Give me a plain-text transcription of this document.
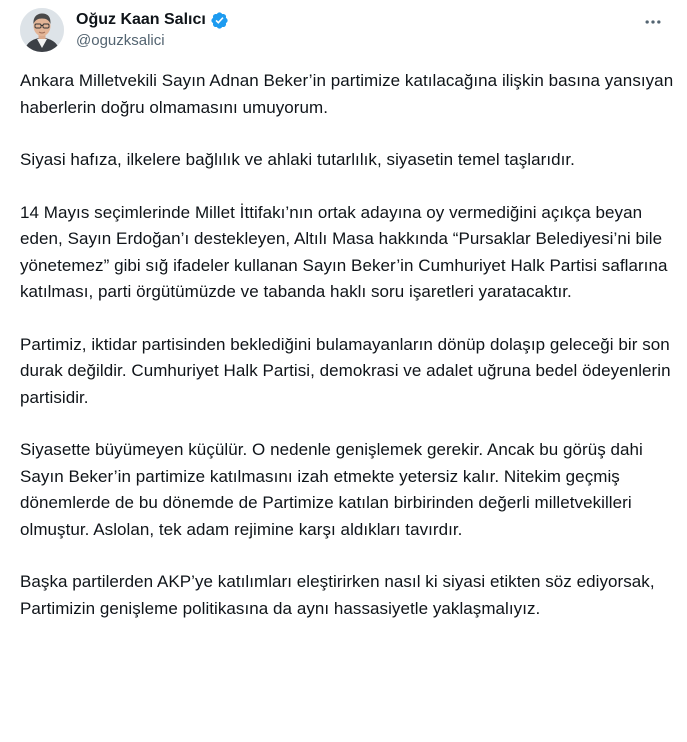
Oğuz Kaan Salıcı
@oguzksalici

Ankara Milletvekili Sayın Adnan Beker’in partimize katılacağına ilişkin basına yansıyan haberlerin doğru olmamasını umuyorum.

Siyasi hafıza, ilkelere bağlılık ve ahlaki tutarlılık, siyasetin temel taşlarıdır.

14 Mayıs seçimlerinde Millet İttifakı’nın ortak adayına oy vermediğini açıkça beyan eden, Sayın Erdoğan’ı destekleyen, Altılı Masa hakkında “Pursaklar Belediyesi’ni bile yönetemez” gibi sığ ifadeler kullanan Sayın Beker’in Cumhuriyet Halk Partisi saflarına katılması, parti örgütümüzde ve tabanda haklı soru işaretleri yaratacaktır.

Partimiz, iktidar partisinden beklediğini bulamayanların dönüp dolaşıp geleceği bir son durak değildir. Cumhuriyet Halk Partisi, demokrasi ve adalet uğruna bedel ödeyenlerin partisidir.

Siyasette büyümeyen küçülür. O nedenle genişlemek gerekir. Ancak bu görüş dahi Sayın Beker’in partimize katılmasını izah etmekte yetersiz kalır. Nitekim geçmiş dönemlerde de bu dönemde de Partimize katılan birbirinden değerli milletvekilleri olmuştur. Aslolan, tek adam rejimine karşı aldıkları tavırdır.

Başka partilerden AKP’ye katılımları eleştirirken nasıl ki siyasi etikten söz ediyorsak, Partimizin genişleme politikasına da aynı hassasiyetle yaklaşmalıyız.
